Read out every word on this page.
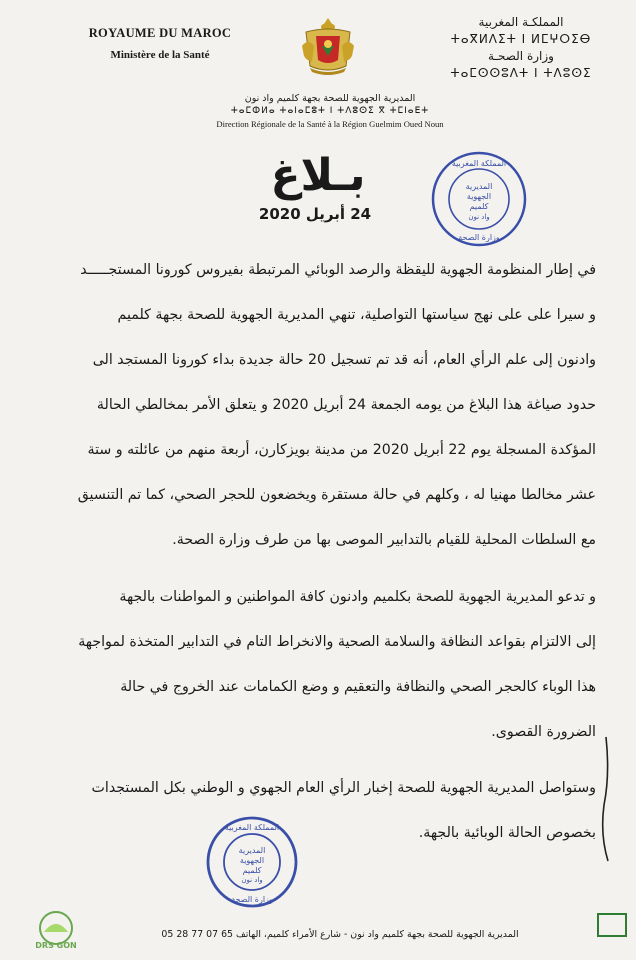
ROYAUME DU MAROC
Ministère de la Santé
المملكـة المغربية
ⵜⴰⴳⵍⴷⵉⵜ ⵏ ⵍⵎⵖⵔⵉⴱ
وزارة الصحـة
ⵜⴰⵎⵙⵙⵓⴷⵜ ⵏ ⵜⴷⵓⵙⵉ
المديرية الجهوية للصحة بجهة كلميم واد نون
ⵜⴰⵎⵀⵍⴰ ⵜⴰⵏⴰⵎⵓⵜ ⵏ ⵜⴷⵓⵙⵉ ⴳ ⵜⵎⵏⴰⴹⵜ
Direction Régionale de la Santé à la Région Guelmim Oued Noun
بـلاغ
24 أبريل 2020
المملكة المغربية
المديرية
الجهوية
كلميم
واد نون
وزارة الصحة
في إطار المنظومة الجهوية لليقظة والرصد الوبائي المرتبطة بفيروس كورونا المستجـــــد
و سيرا على على نهج سياستها التواصلية، تنهي المديرية الجهوية للصحة بجهة كلميم
وادنون إلى علم الرأي العام، أنه قد تم تسجيل 20 حالة جديدة بداء كورونا المستجد الى
حدود صياغة هذا البلاغ من يومه الجمعة 24 أبريل 2020 و يتعلق الأمر بمخالطي الحالة
المؤكدة المسجلة يوم 22 أبريل 2020 من مدينة بويزكارن، أربعة منهم من عائلته و ستة
عشر مخالطا مهنيا له ، وكلهم في حالة مستقرة ويخضعون للحجر الصحي، كما تم التنسيق
مع السلطات المحلية للقيام بالتدابير الموصى بها من طرف وزارة الصحة.
و تدعو المديرية الجهوية للصحة بكلميم وادنون كافة المواطنين و المواطنات بالجهة
إلى الالتزام بقواعد النظافة والسلامة الصحية والانخراط التام في التدابير المتخذة لمواجهة
هذا الوباء كالحجر الصحي والنظافة والتعقيم و وضع الكمامات عند الخروج في حالة
الضرورة القصوى.
وستواصل المديرية الجهوية للصحة إخبار الرأي العام الجهوي و الوطني بكل المستجدات
بخصوص الحالة الوبائية بالجهة.
المملكة المغربية
المديرية
الجهوية
كلميم
واد نون
وزارة الصحة
DRS GON
المديرية الجهوية للصحة بجهة كلميم واد نون - شارع الأمراء كلميم، الهاتف 65 07 77 28 05
